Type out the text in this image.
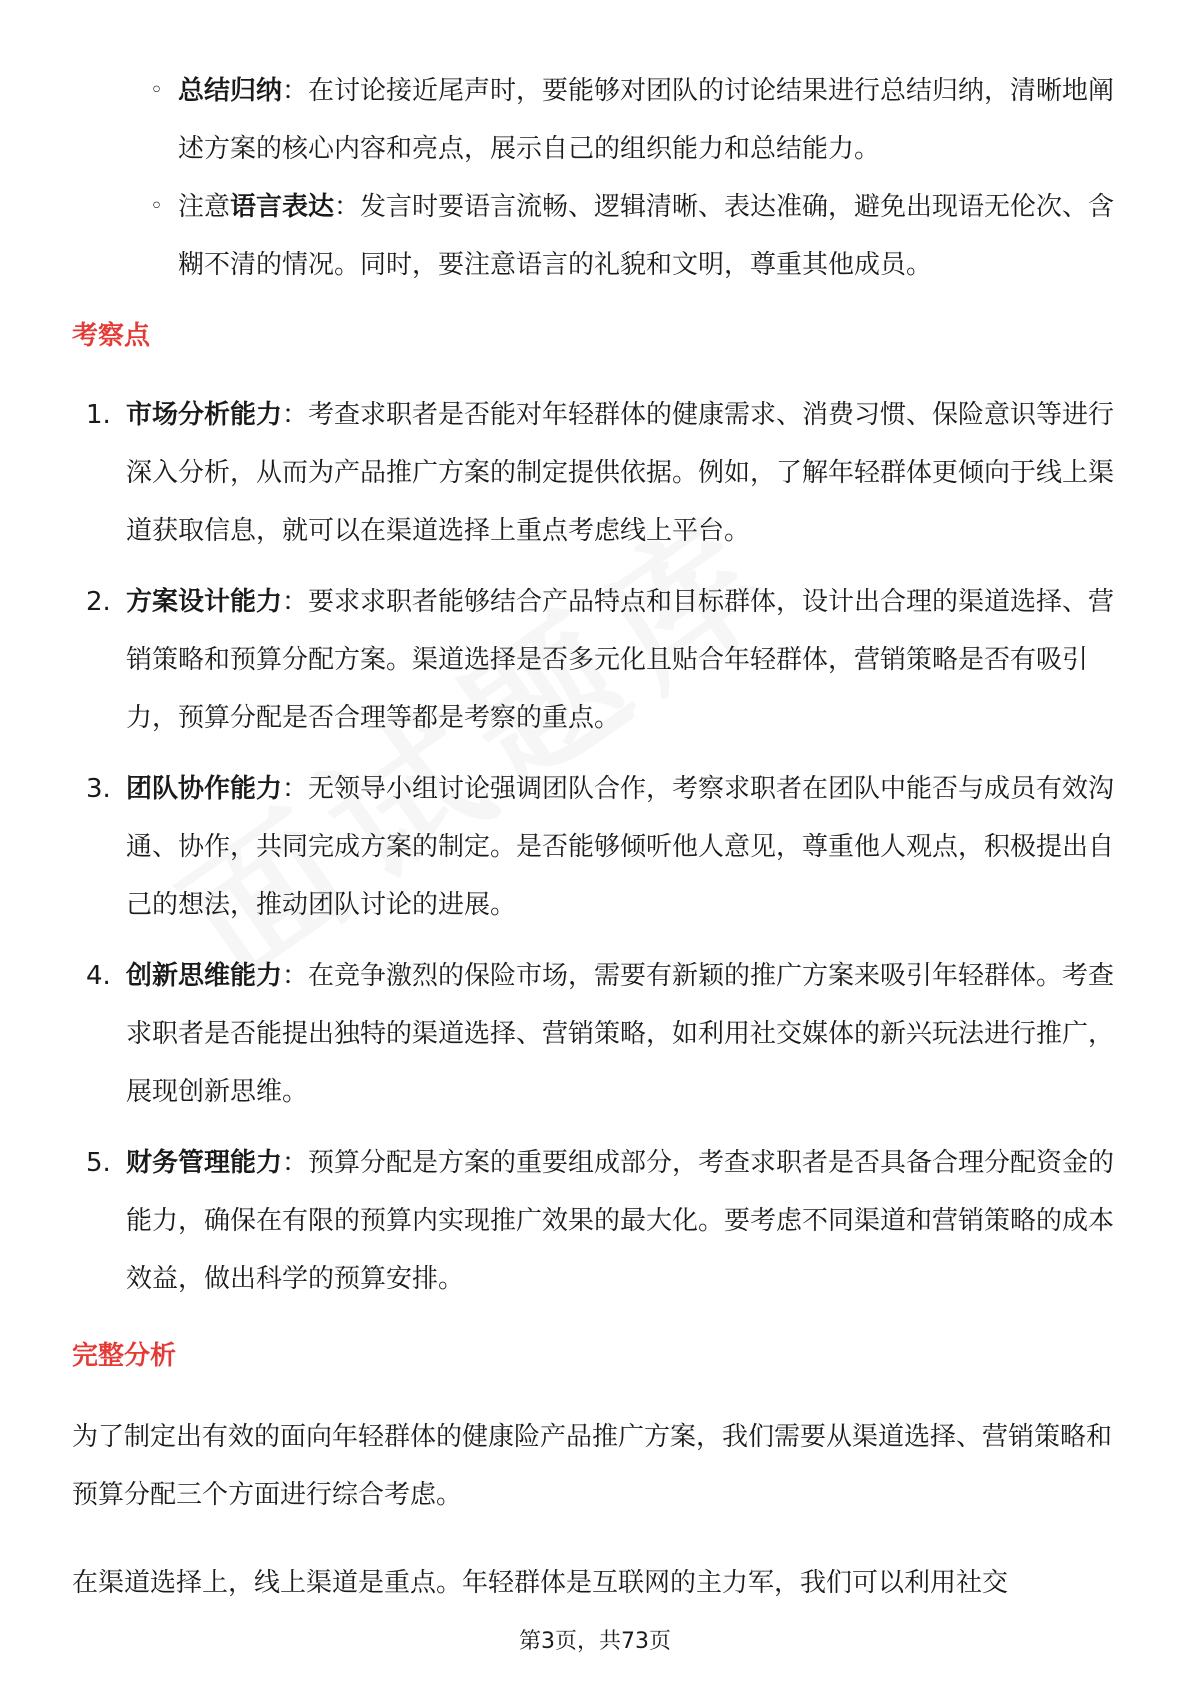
◦ 总结归纳：在讨论接近尾声时，要能够对团队的讨论结果进行总结归纳，清晰地阐述方案的核心内容和亮点，展示自己的组织能力和总结能力。
◦ 注意语言表达：发言时要语言流畅、逻辑清晰、表达准确，避免出现语无伦次、含糊不清的情况。同时，要注意语言的礼貌和文明，尊重其他成员。
考察点
1. 市场分析能力：考查求职者是否能对年轻群体的健康需求、消费习惯、保险意识等进行深入分析，从而为产品推广方案的制定提供依据。例如，了解年轻群体更倾向于线上渠道获取信息，就可以在渠道选择上重点考虑线上平台。
2. 方案设计能力：要求求职者能够结合产品特点和目标群体，设计出合理的渠道选择、营销策略和预算分配方案。渠道选择是否多元化且贴合年轻群体，营销策略是否有吸引力，预算分配是否合理等都是考察的重点。
3. 团队协作能力：无领导小组讨论强调团队合作，考察求职者在团队中能否与成员有效沟通、协作，共同完成方案的制定。是否能够倾听他人意见，尊重他人观点，积极提出自己的想法，推动团队讨论的进展。
4. 创新思维能力：在竞争激烈的保险市场，需要有新颖的推广方案来吸引年轻群体。考查求职者是否能提出独特的渠道选择、营销策略，如利用社交媒体的新兴玩法进行推广，展现创新思维。
5. 财务管理能力：预算分配是方案的重要组成部分，考查求职者是否具备合理分配资金的能力，确保在有限的预算内实现推广效果的最大化。要考虑不同渠道和营销策略的成本效益，做出科学的预算安排。
完整分析

为了制定出有效的面向年轻群体的健康险产品推广方案，我们需要从渠道选择、营销策略和预算分配三个方面进行综合考虑。

在渠道选择上，线上渠道是重点。年轻群体是互联网的主力军，我们可以利用社交

第3页，共73页
